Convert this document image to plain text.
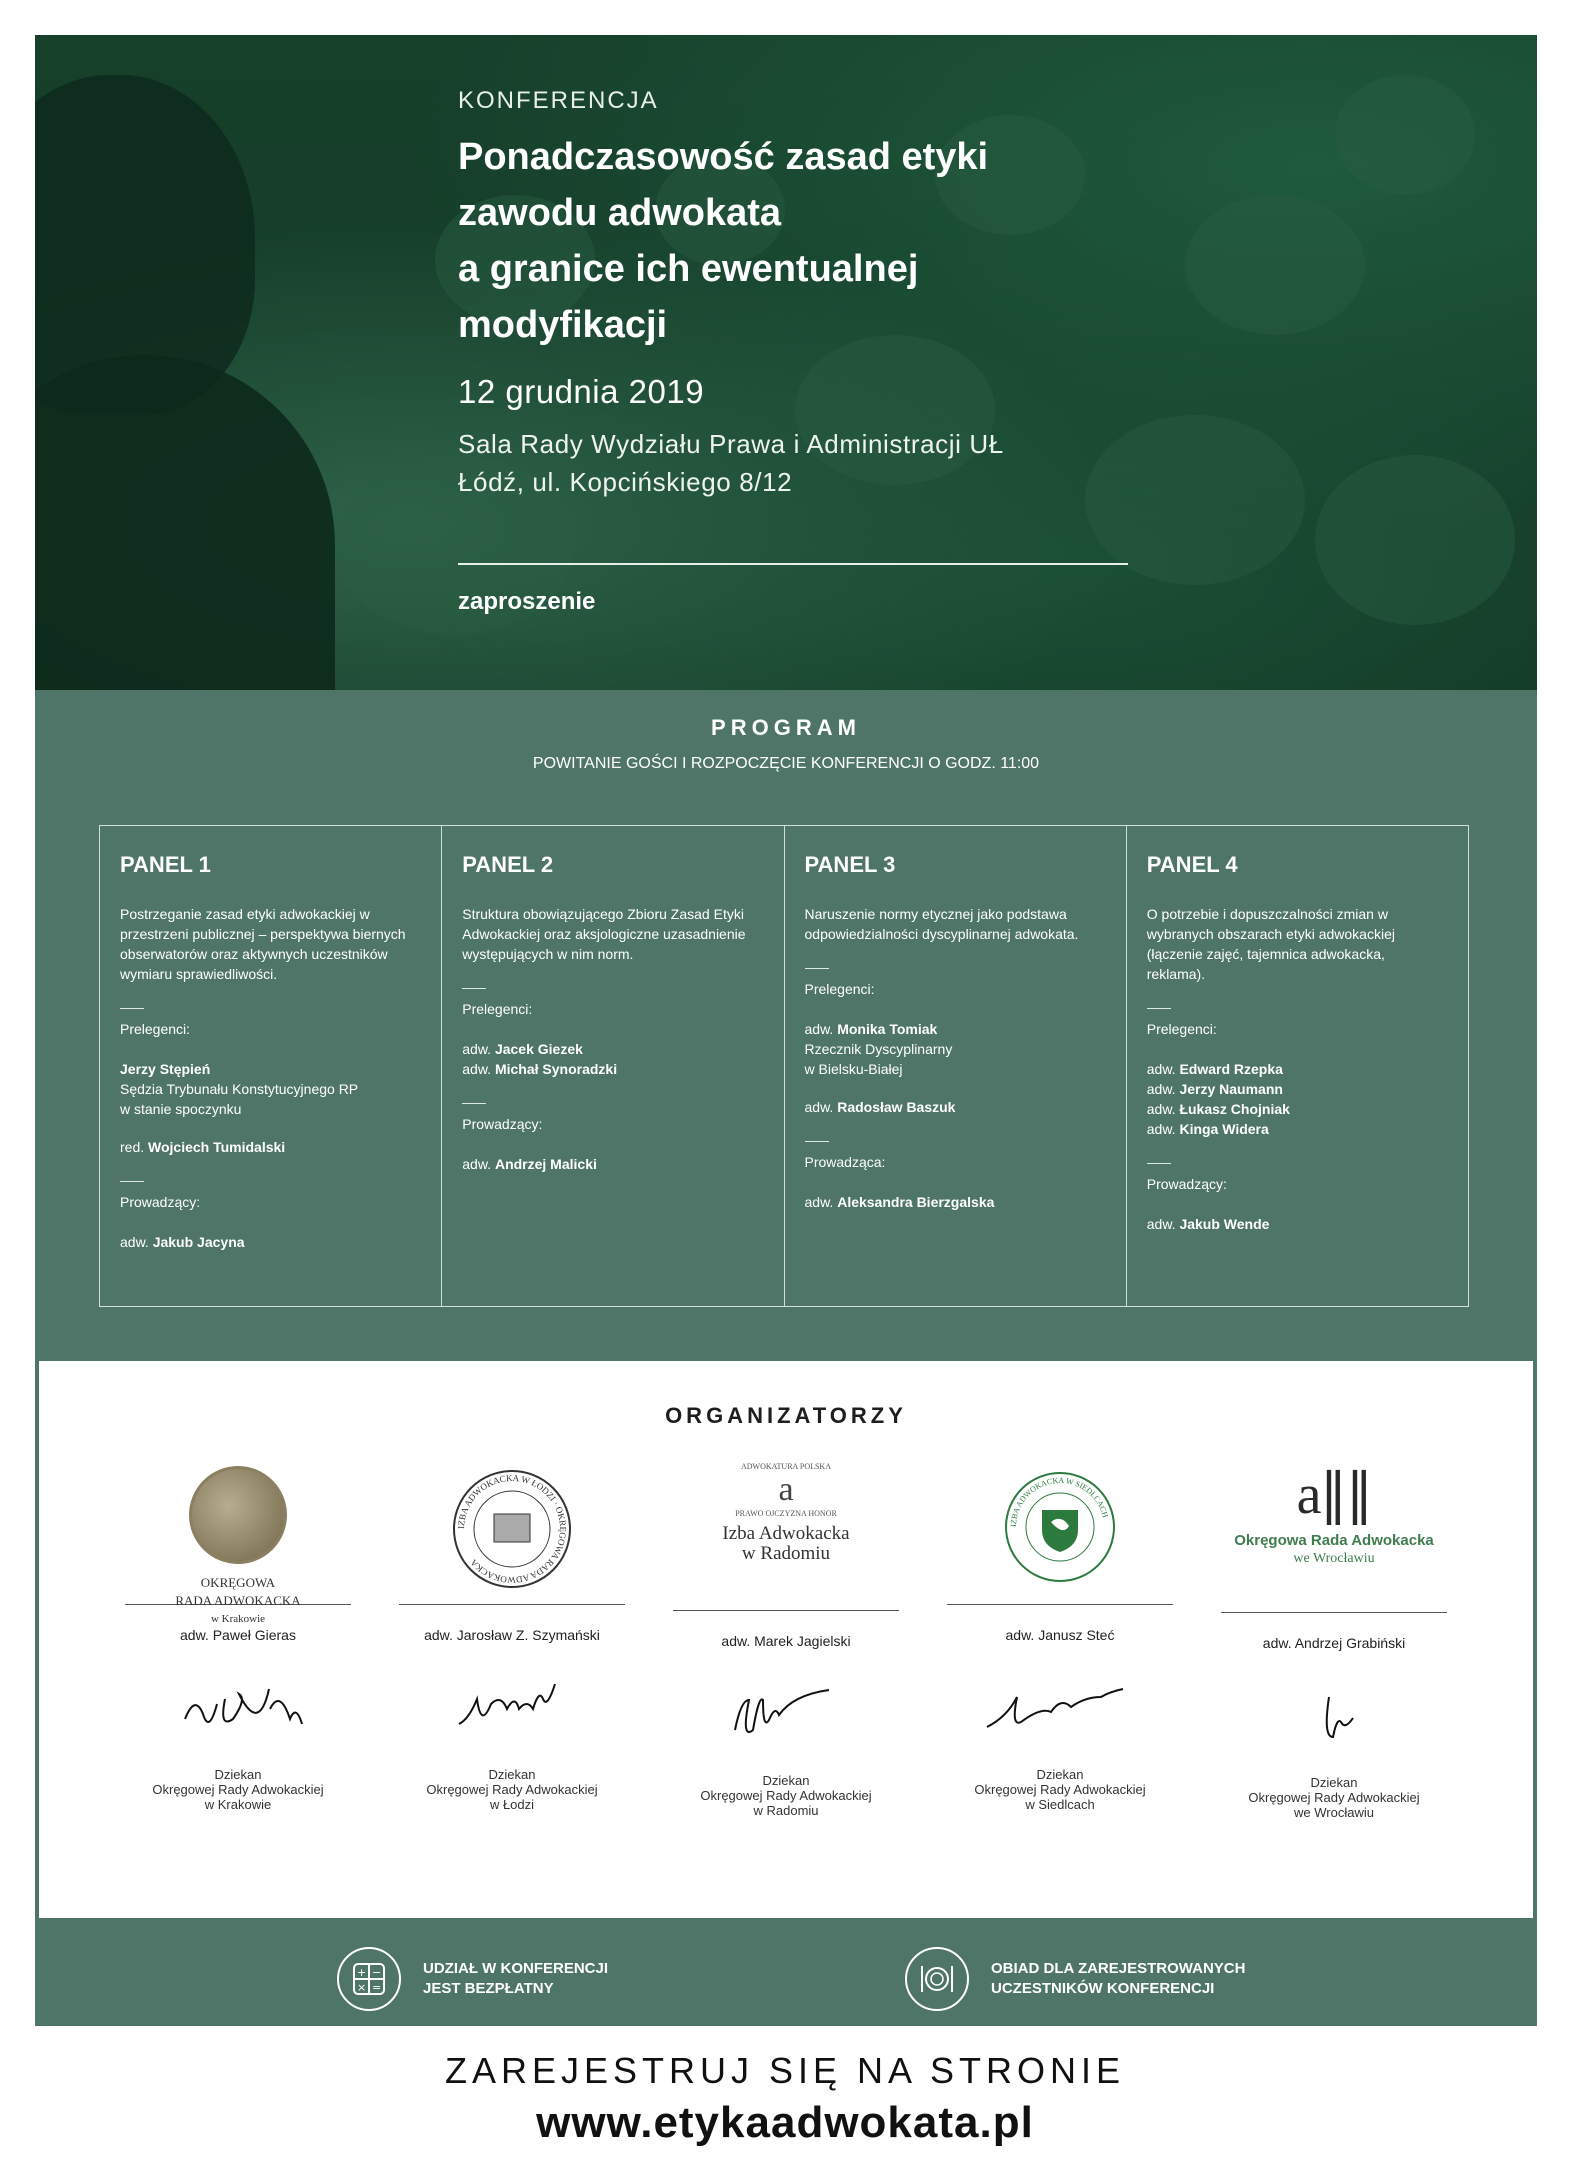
KONFERENCJA

Ponadczasowość zasad etyki
zawodu adwokata
a granice ich ewentualnej
modyfikacji
12 grudnia 2019
Sala Rady Wydziału Prawa i Administracji UŁ
Łódź, ul. Kopcińskiego 8/12
zaproszenie
PROGRAM
POWITANIE GOŚCI I ROZPOCZĘCIE KONFERENCJI O GODZ. 11:00
PANEL 1
Postrzeganie zasad etyki adwokackiej w przestrzeni publicznej – perspektywa biernych obserwatorów oraz aktywnych uczestników wymiaru sprawiedliwości.
Prelegenci:
Jerzy Stępień
Sędzia Trybunału Konstytucyjnego RP
w stanie spoczynku
red. Wojciech Tumidalski
Prowadzący:
adw. Jakub Jacyna
PANEL 2
Struktura obowiązującego Zbioru Zasad Etyki Adwokackiej oraz aksjologiczne uzasadnienie występujących w nim norm.
Prelegenci:
adw. Jacek Giezek
adw. Michał Synoradzki
Prowadzący:
adw. Andrzej Malicki
PANEL 3
Naruszenie normy etycznej jako podstawa odpowiedzialności dyscyplinarnej adwokata.
Prelegenci:
adw. Monika Tomiak
Rzecznik Dyscyplinarny
w Bielsku-Białej
adw. Radosław Baszuk
Prowadząca:
adw. Aleksandra Bierzgalska
PANEL 4
O potrzebie i dopuszczalności zmian w wybranych obszarach etyki adwokackiej (łączenie zajęć, tajemnica adwokacka, reklama).
Prelegenci:
adw. Edward Rzepka
adw. Jerzy Naumann
adw. Łukasz Chojniak
adw. Kinga Widera
Prowadzący:
adw. Jakub Wende
ORGANIZATORZY
OKRĘGOWA
RADA ADWOKACKA
w Krakowie
adw. Paweł Gieras
Dziekan
Okręgowej Rady Adwokackiej
w Krakowie
IZBA ADWOKACKA W ŁODZI · OKRĘGOWA RADA ADWOKACKA
adw. Jarosław Z. Szymański
Dziekan
Okręgowej Rady Adwokackiej
w Łodzi
ADWOKATURA POLSKA
a
PRAWO OJCZYZNA HONOR
Izba Adwokacka
w Radomiu
adw. Marek Jagielski
Dziekan
Okręgowej Rady Adwokackiej
w Radomiu
IZBA ADWOKACKA W SIEDLCACH
adw. Janusz Steć
Dziekan
Okręgowej Rady Adwokackiej
w Siedlcach
a∥∥
Okręgowa Rada Adwokacka
we Wrocławiu
adw. Andrzej Grabiński
Dziekan
Okręgowej Rady Adwokackiej
we Wrocławiu
+ −
× =
UDZIAŁ W KONFERENCJI
JEST BEZPŁATNY
OBIAD DLA ZAREJESTROWANYCH
UCZESTNIKÓW KONFERENCJI
ZAREJESTRUJ SIĘ NA STRONIE
www.etykaadwokata.pl
